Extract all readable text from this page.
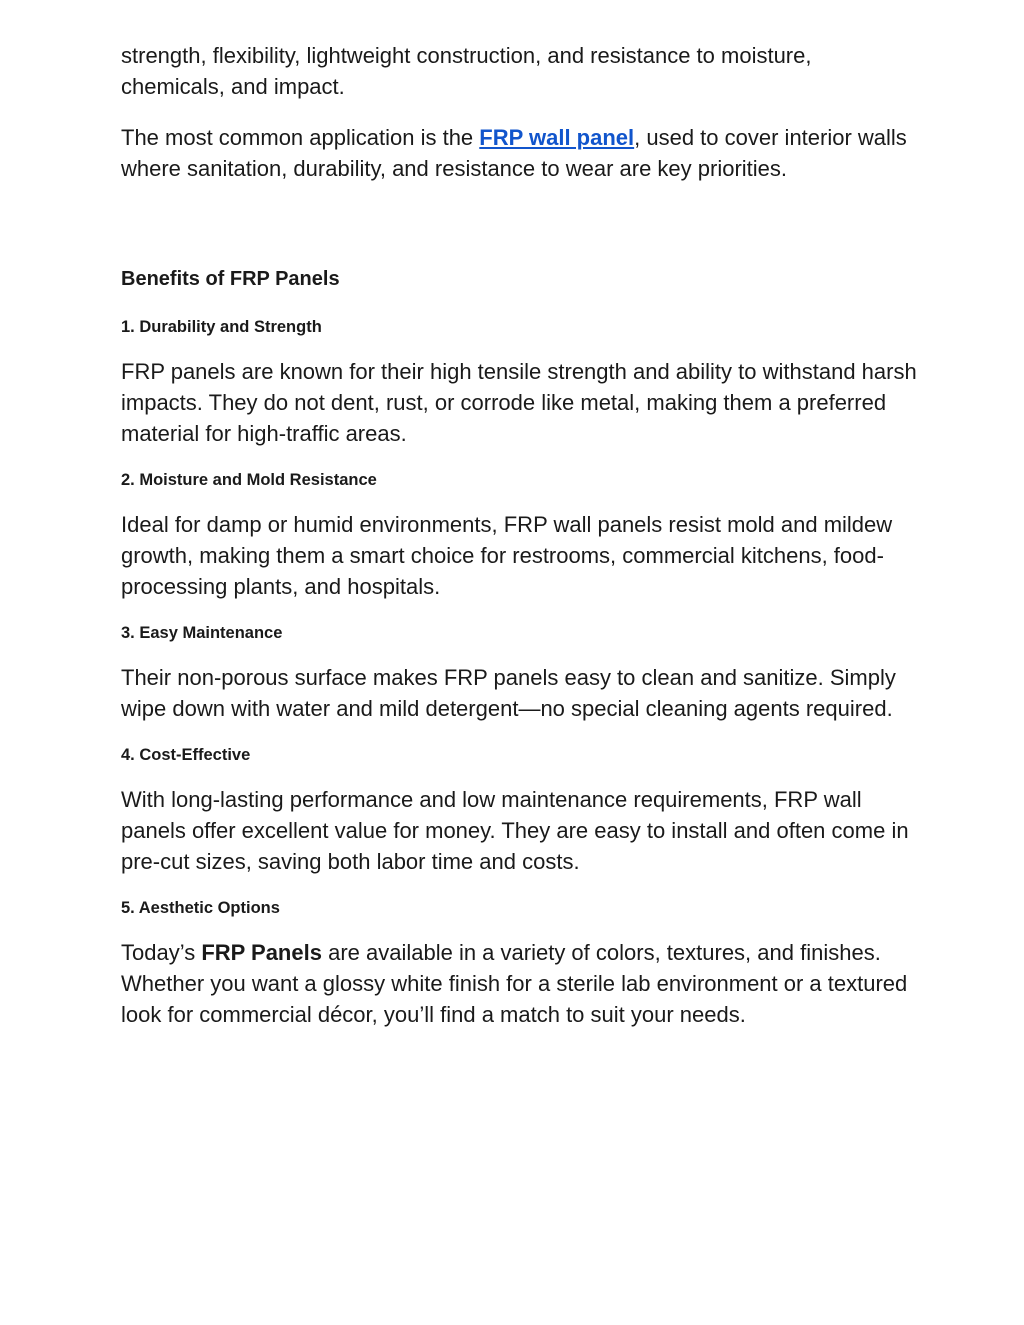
strength, flexibility, lightweight construction, and resistance to moisture, chemicals, and impact.

The most common application is the FRP wall panel, used to cover interior walls where sanitation, durability, and resistance to wear are key priorities.

Benefits of FRP Panels
1. Durability and Strength

FRP panels are known for their high tensile strength and ability to withstand harsh impacts. They do not dent, rust, or corrode like metal, making them a preferred material for high-traffic areas.

2. Moisture and Mold Resistance

Ideal for damp or humid environments, FRP wall panels resist mold and mildew growth, making them a smart choice for restrooms, commercial kitchens, food-processing plants, and hospitals.

3. Easy Maintenance

Their non-porous surface makes FRP panels easy to clean and sanitize. Simply wipe down with water and mild detergent—no special cleaning agents required.

4. Cost-Effective

With long-lasting performance and low maintenance requirements, FRP wall panels offer excellent value for money. They are easy to install and often come in pre-cut sizes, saving both labor time and costs.

5. Aesthetic Options

Today’s FRP Panels are available in a variety of colors, textures, and finishes. Whether you want a glossy white finish for a sterile lab environment or a textured look for commercial décor, you’ll find a match to suit your needs.
